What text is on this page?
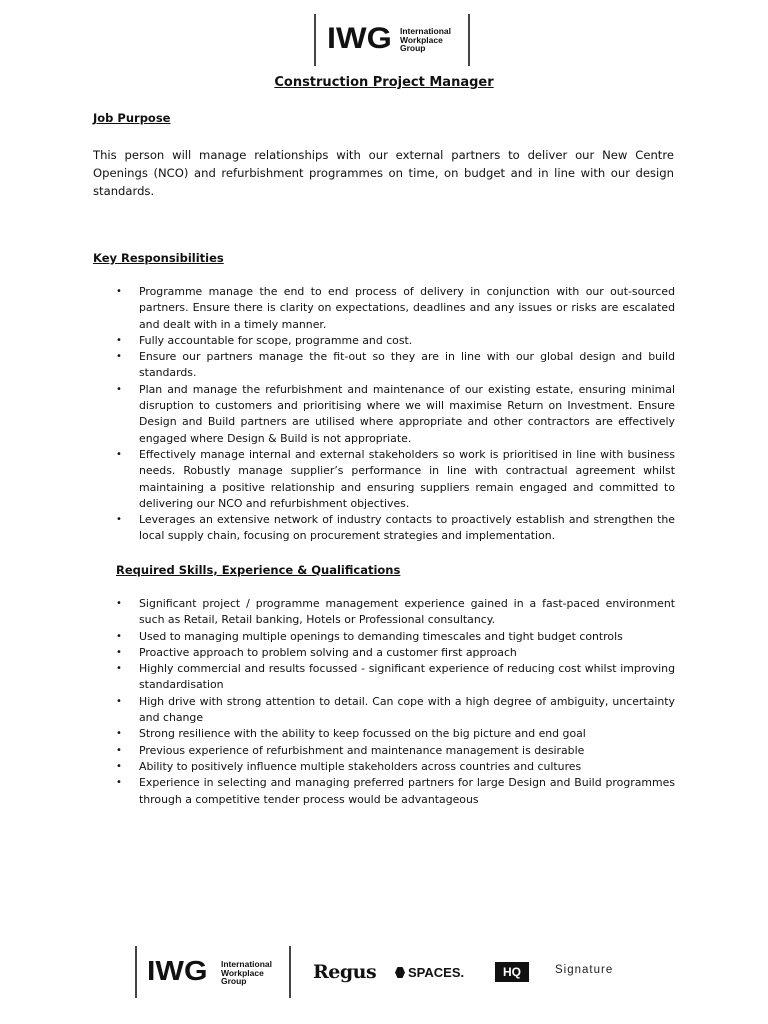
IWG International
Workplace
Group
Construction Project Manager
Job Purpose
This person will manage relationships with our external partners to deliver our New Centre Openings (NCO) and refurbishment programmes on time, on budget and in line with our design standards.
Key Responsibilities
• Programme manage the end to end process of delivery in conjunction with our out-sourced partners. Ensure there is clarity on expectations, deadlines and any issues or risks are escalated and dealt with in a timely manner.
• Fully accountable for scope, programme and cost.
• Ensure our partners manage the fit-out so they are in line with our global design and build standards.
• Plan and manage the refurbishment and maintenance of our existing estate, ensuring minimal disruption to customers and prioritising where we will maximise Return on Investment. Ensure Design and Build partners are utilised where appropriate and other contractors are effectively engaged where Design & Build is not appropriate.
• Effectively manage internal and external stakeholders so work is prioritised in line with business needs. Robustly manage supplier’s performance in line with contractual agreement whilst maintaining a positive relationship and ensuring suppliers remain engaged and committed to delivering our NCO and refurbishment objectives.
• Leverages an extensive network of industry contacts to proactively establish and strengthen the local supply chain, focusing on procurement strategies and implementation.
Required Skills, Experience & Qualifications
• Significant project / programme management experience gained in a fast-paced environment such as Retail, Retail banking, Hotels or Professional consultancy.
• Used to managing multiple openings to demanding timescales and tight budget controls
• Proactive approach to problem solving and a customer first approach
• Highly commercial and results focussed - significant experience of reducing cost whilst improving standardisation
• High drive with strong attention to detail. Can cope with a high degree of ambiguity, uncertainty and change
• Strong resilience with the ability to keep focussed on the big picture and end goal
• Previous experience of refurbishment and maintenance management is desirable
• Ability to positively influence multiple stakeholders across countries and cultures
• Experience in selecting and managing preferred partners for large Design and Build programmes through a competitive tender process would be advantageous
IWG International
Workplace
Group	Regus SPACES.	HQ	Signature
